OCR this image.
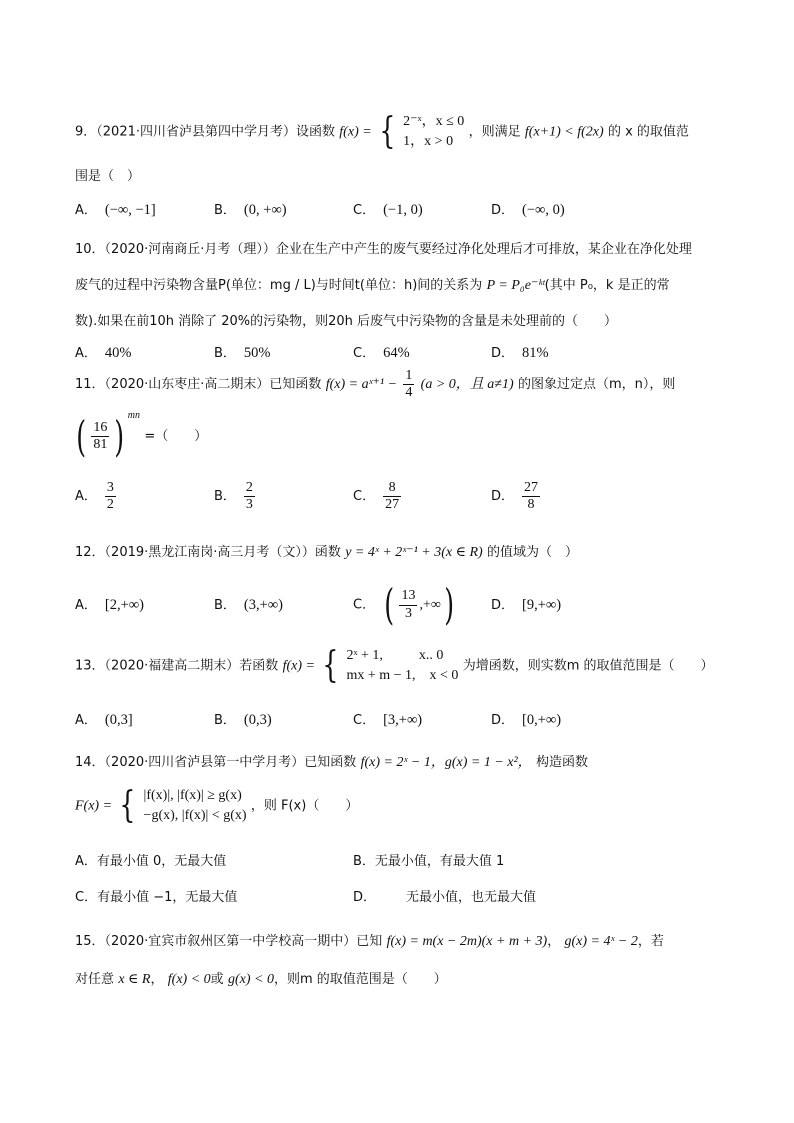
9．（2021·四川省泸县第四中学月考）设函数 f(x) = { 2⁻ˣ，x ≤ 0
1，x > 0
，则满足 f(x+1) < f(2x) 的 x 的取值范
围是（　）
A． (−∞, −1]	B． (0, +∞)	C． (−1, 0)	D． (−∞, 0)
10．（2020·河南商丘·月考（理））企业在生产中产生的废气要经过净化处理后才可排放，某企业在净化处理
废气的过程中污染物含量P(单位：mg / L)与时间t(单位：h)间的关系为 P = P₀e⁻ᵏᵗ(其中 P₀，k 是正的常
数).如果在前10h 消除了 20%的污染物，则20h 后废气中污染物的含量是未处理前的（　　）
A． 40%	B． 50%	C． 64%	D． 81%
11．（2020·山东枣庄·高二期末）已知函数 f(x) = aˣ⁺¹ − $\frac{1}{4} (a > 0$，且 a≠1) 的图象过定点（m，n），则
( $\frac{16}{81}$ ) $^{mn}$ =（　　）
A． $\frac{3}{2}$	B． $\frac{2}{3}$	C． $\frac{8}{27}$	D． $\frac{27}{8}$
12．（2019·黑龙江南岗·高三月考（文））函数 y = 4ˣ + 2ˣ⁻¹ + 3(x ∈ R) 的值域为（　）
A． [2,+∞)	B． (3,+∞)	C． ( $\frac{13}{3}$ ,+∞)	D． [9,+∞)
13．（2020·福建高二期末）若函数 f(x) = { 2ˣ + 1,	x.. 0
mx + m − 1, x < 0
为增函数，则实数m 的取值范围是（　　）
A． (0,3]	B． (0,3)	C． [3,+∞)	D． [0,+∞)
14．（2020·四川省泸县第一中学月考）已知函数 f(x) = 2ˣ − 1，g(x) = 1 − x²， 构造函数
F(x) = { |f(x)|, |f(x)| ≥ g(x)
−g(x), |f(x)| < g(x)
，则 F(x)（　　）
A．有最小值 0，无最大值	B．无最小值，有最大值 1
C．有最小值 −1，无最大值	D． 无最小值，也无最大值
15．（2020·宜宾市叙州区第一中学校高一期中）已知 f(x) = m(x − 2m)(x + m + 3)， g(x) = 4ˣ − 2，若
对任意 x ∈ R， f(x) < 0或 g(x) < 0，则m 的取值范围是（　　）
